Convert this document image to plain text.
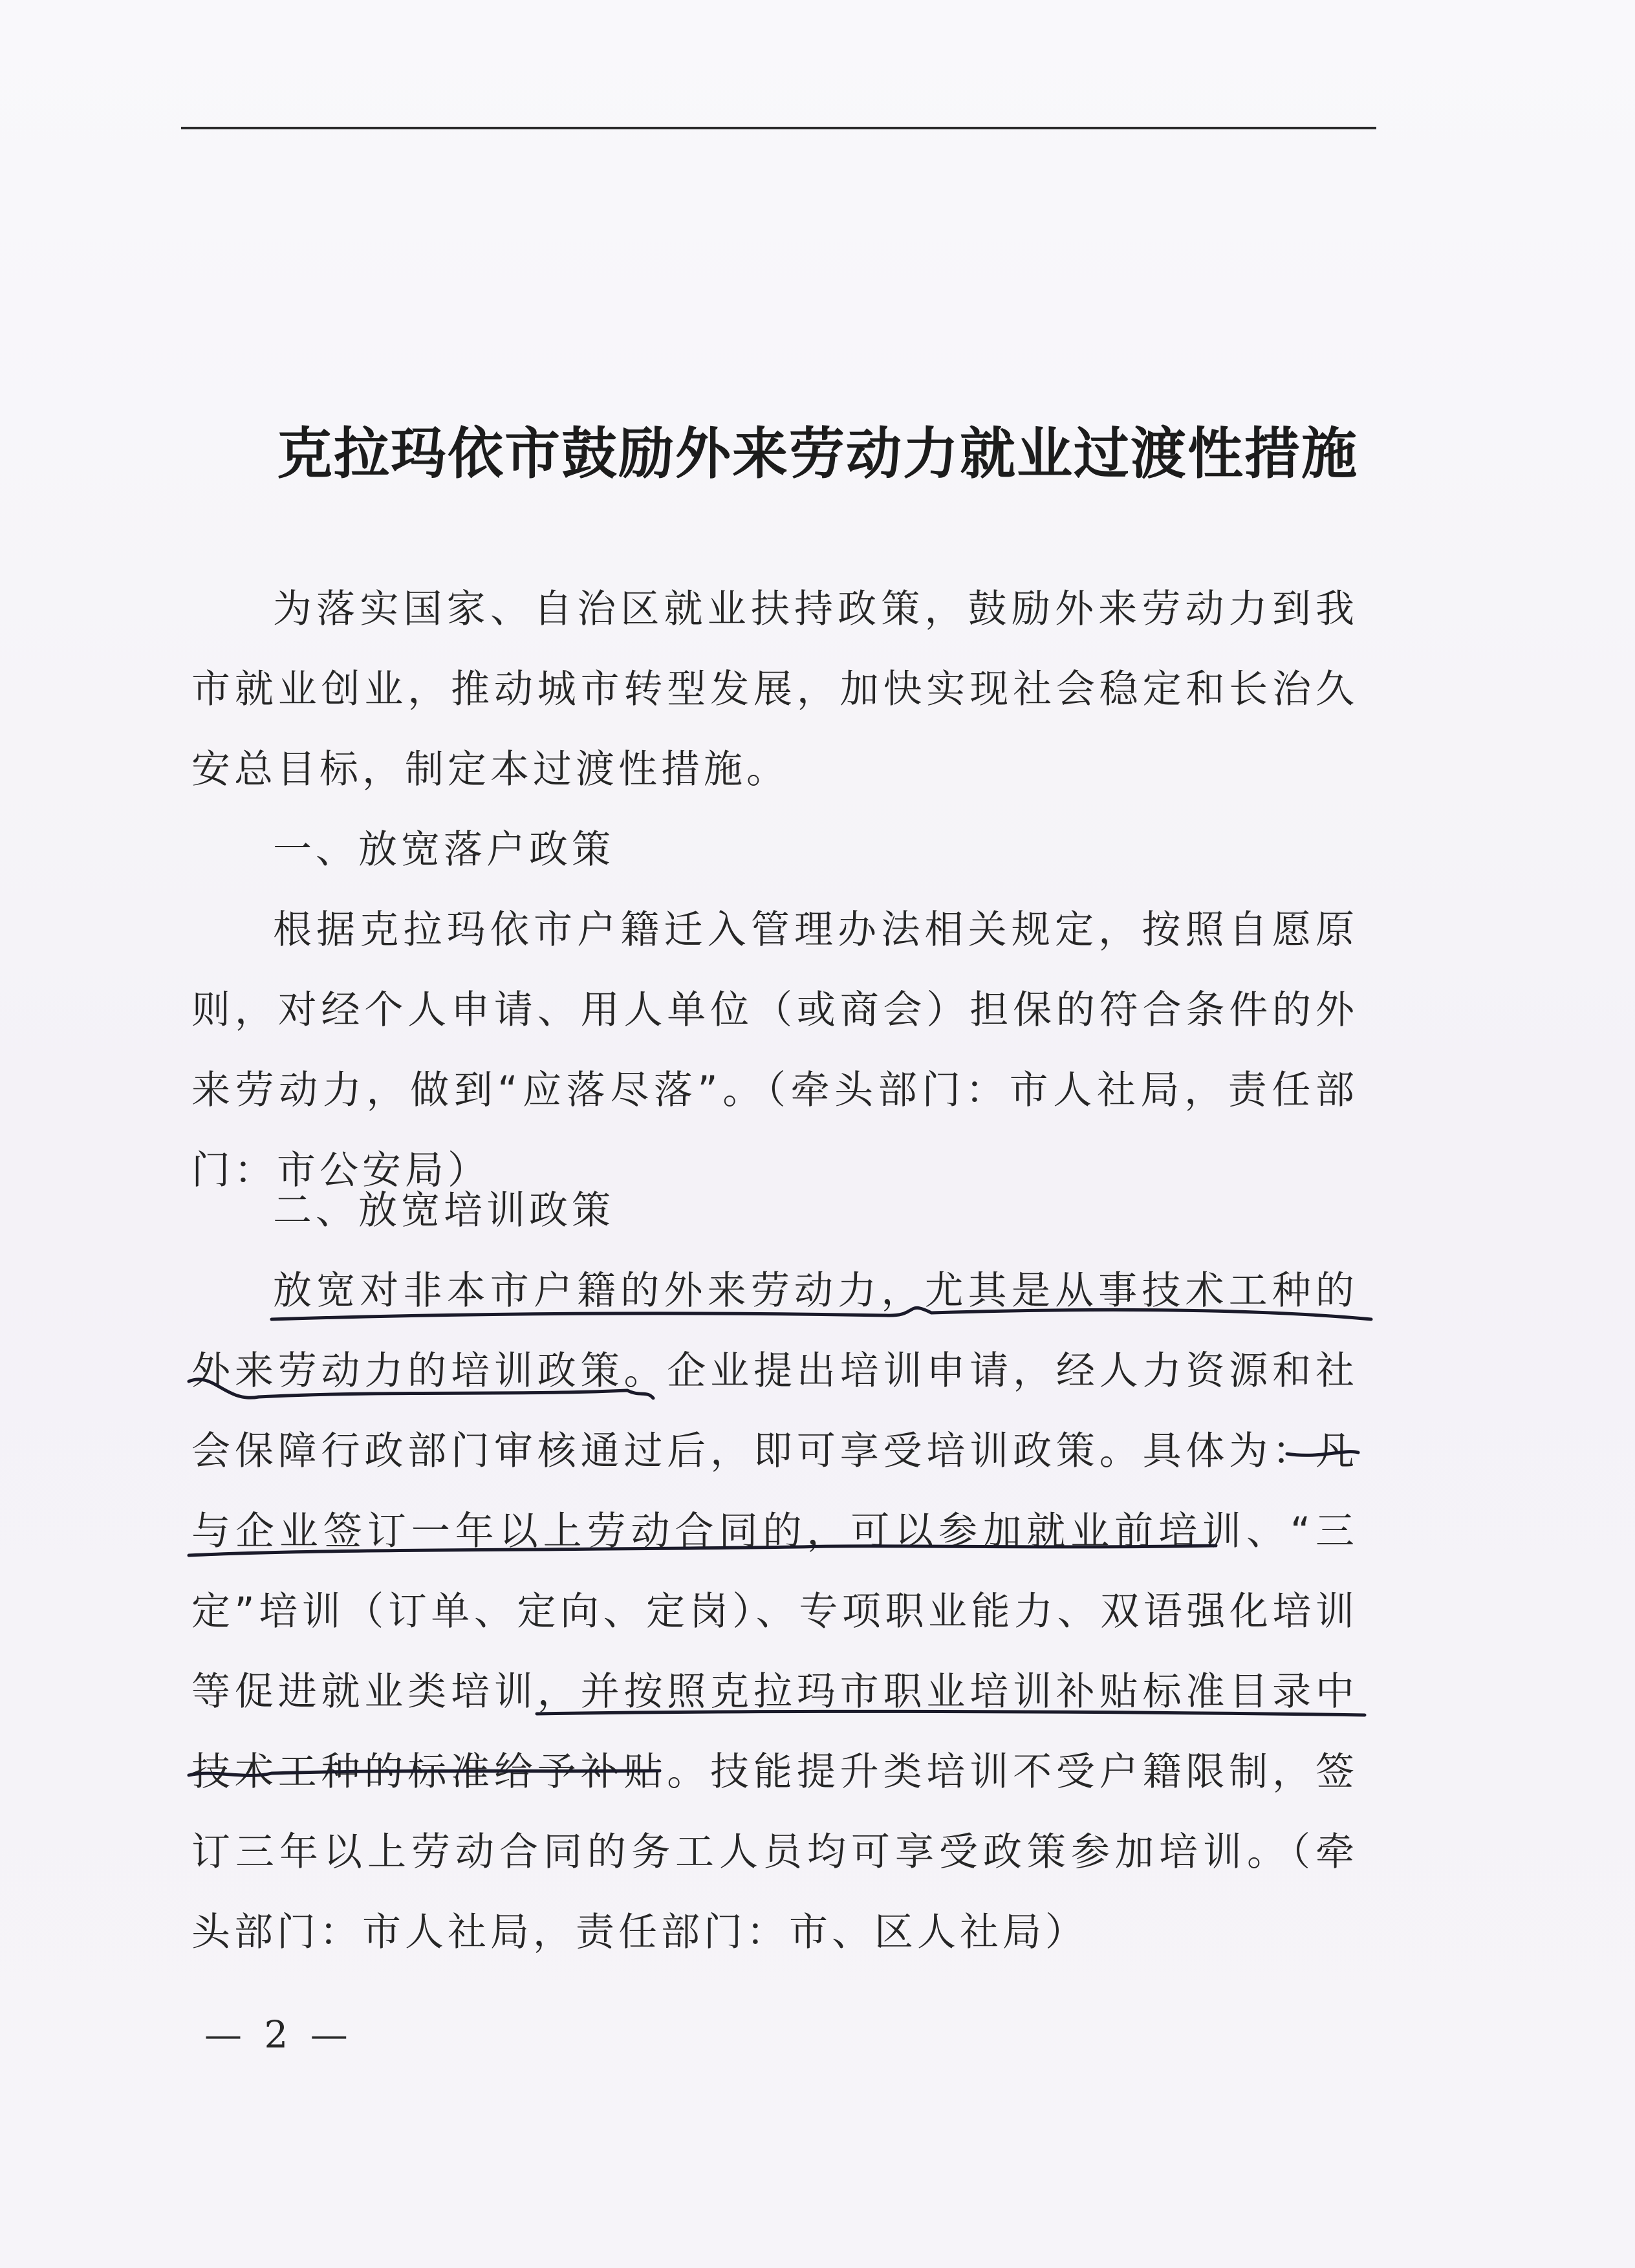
克拉玛依市鼓励外来劳动力就业过渡性措施
为落实国家、自治区就业扶持政策，鼓励外来劳动力到我市就业创业，推动城市转型发展，加快实现社会稳定和长治久安总目标，制定本过渡性措施。
一、放宽落户政策
根据克拉玛依市户籍迁入管理办法相关规定，按照自愿原则，对经个人申请、用人单位（或商会）担保的符合条件的外来劳动力，做到“应落尽落”。（牵头部门：市人社局，责任部门：市公安局）
二、放宽培训政策
放宽对非本市户籍的外来劳动力，尤其是从事技术工种的外来劳动力的培训政策。企业提出培训申请，经人力资源和社会保障行政部门审核通过后，即可享受培训政策。具体为：凡与企业签订一年以上劳动合同的，可以参加就业前培训、“三定”培训（订单、定向、定岗）、专项职业能力、双语强化培训等促进就业类培训，并按照克拉玛市职业培训补贴标准目录中技术工种的标准给予补贴。技能提升类培训不受户籍限制，签订三年以上劳动合同的务工人员均可享受政策参加培训。（牵头部门：市人社局，责任部门：市、区人社局）
— 2 —
